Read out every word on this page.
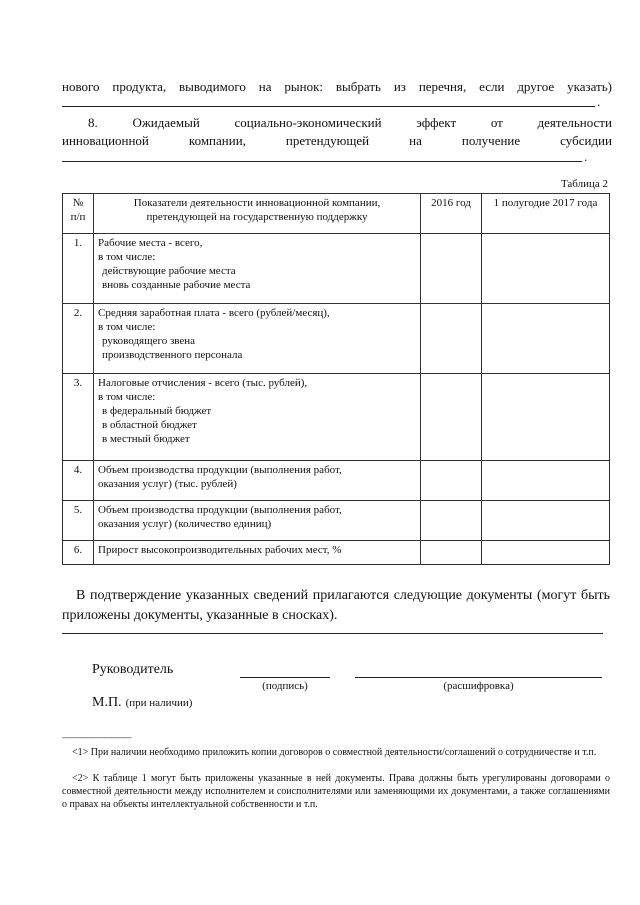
нового продукта, выводимого на рынок: выбрать из перечня, если другое указать)
.
8.	Ожидаемый	социально-экономический	эффект	от	деятельности
инновационной	компании,	претендующей	на	получение	субсидии
.
Таблица 2
№ п/п	Показатели деятельности инновационной компании, претендующей на государственную поддержку	2016 год	1 полугодие 2017 года
1.	Рабочие места - всего,
в том числе:
действующие рабочие места
вновь созданные рабочие места		

2.	Средняя заработная плата - всего (рублей/месяц),
в том числе:
руководящего звена
производственного персонала		

3.	Налоговые отчисления - всего (тыс. рублей),
в том числе:
в федеральный бюджет
в областной бюджет
в местный бюджет		

4.	Объем производства продукции (выполнения работ,
оказания услуг) (тыс. рублей)		

5.	Объем производства продукции (выполнения работ,
оказания услуг) (количество единиц)		

6.	Прирост высокопроизводительных рабочих мест, %		

В подтверждение указанных сведений прилагаются следующие документы (могут быть приложены документы, указанные в сносках).
Руководитель
(подпись)	(расшифровка)
М.П. (при наличии)
--------------------------------
<1> При наличии необходимо приложить копии договоров о совместной деятельности/соглашений о сотрудничестве и т.п.
<2> К таблице 1 могут быть приложены указанные в ней документы. Права должны быть урегулированы договорами о совместной деятельности между исполнителем и соисполнителями или заменяющими их документами, а также соглашениями о правах на объекты интеллектуальной собственности и т.п.
